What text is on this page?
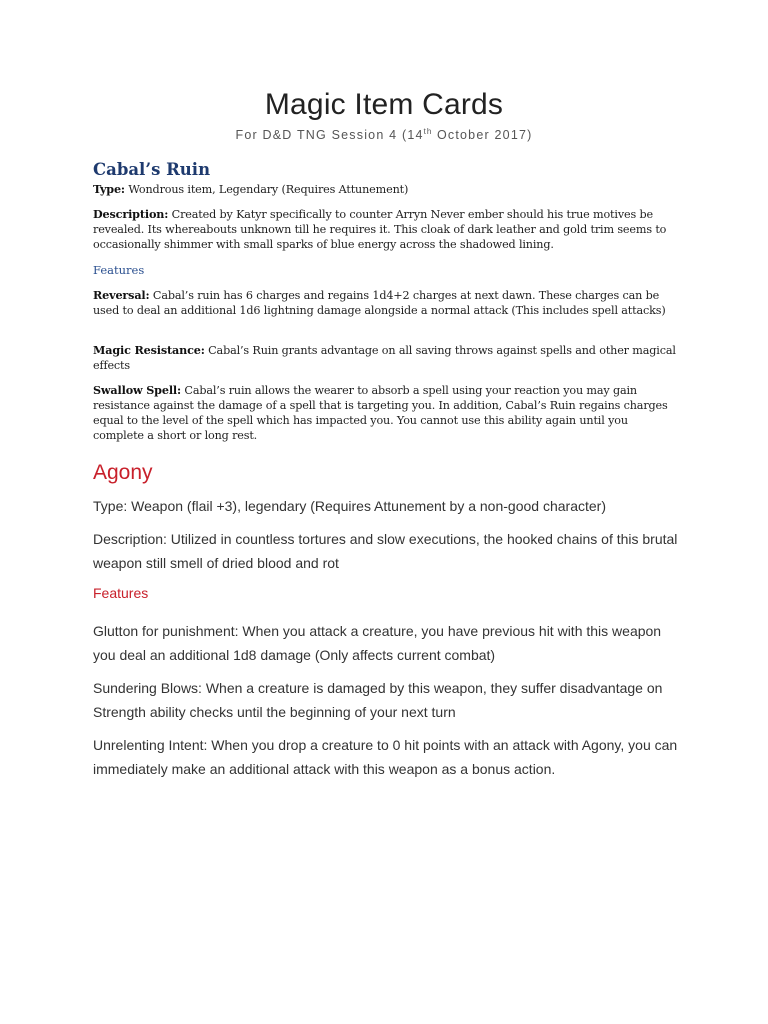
Magic Item Cards
For D&D TNG Session 4 (14th October 2017)
Cabal’s Ruin
Type: Wondrous item, Legendary (Requires Attunement)
Description: Created by Katyr specifically to counter Arryn Never ember should his true motives be revealed. Its whereabouts unknown till he requires it. This cloak of dark leather and gold trim seems to occasionally shimmer with small sparks of blue energy across the shadowed lining.
Features
Reversal: Cabal’s ruin has 6 charges and regains 1d4+2 charges at next dawn. These charges can be used to deal an additional 1d6 lightning damage alongside a normal attack (This includes spell attacks)
Magic Resistance: Cabal’s Ruin grants advantage on all saving throws against spells and other magical effects
Swallow Spell: Cabal’s ruin allows the wearer to absorb a spell using your reaction you may gain resistance against the damage of a spell that is targeting you. In addition, Cabal’s Ruin regains charges equal to the level of the spell which has impacted you. You cannot use this ability again until you complete a short or long rest.
Agony
Type: Weapon (flail +3), legendary (Requires Attunement by a non-good character)
Description: Utilized in countless tortures and slow executions, the hooked chains of this brutal weapon still smell of dried blood and rot
Features
Glutton for punishment: When you attack a creature, you have previous hit with this weapon you deal an additional 1d8 damage (Only affects current combat)
Sundering Blows: When a creature is damaged by this weapon, they suffer disadvantage on Strength ability checks until the beginning of your next turn
Unrelenting Intent: When you drop a creature to 0 hit points with an attack with Agony, you can immediately make an additional attack with this weapon as a bonus action.
